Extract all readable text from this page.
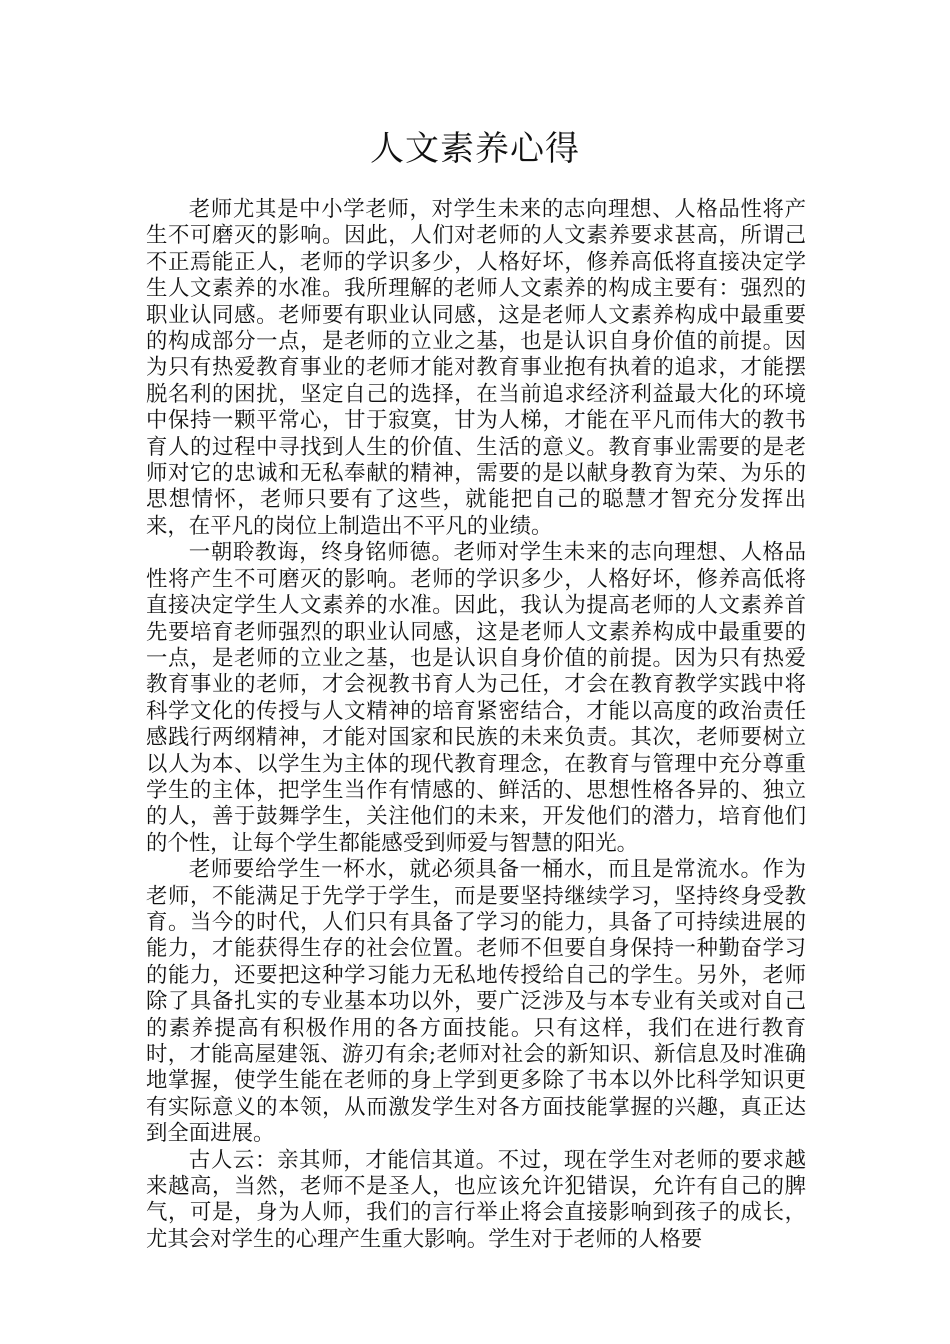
人文素养心得

老师尤其是中小学老师，对学生未来的志向理想、人格品性将产生不可磨灭的影响。因此，人们对老师的人文素养要求甚高，所谓己不正焉能正人，老师的学识多少，人格好坏，修养高低将直接决定学生人文素养的水准。我所理解的老师人文素养的构成主要有：强烈的职业认同感。老师要有职业认同感，这是老师人文素养构成中最重要的构成部分一点，是老师的立业之基，也是认识自身价值的前提。因为只有热爱教育事业的老师才能对教育事业抱有执着的追求，才能摆脱名利的困扰，坚定自己的选择，在当前追求经济利益最大化的环境中保持一颗平常心，甘于寂寞，甘为人梯，才能在平凡而伟大的教书育人的过程中寻找到人生的价值、生活的意义。教育事业需要的是老师对它的忠诚和无私奉献的精神，需要的是以献身教育为荣、为乐的思想情怀，老师只要有了这些，就能把自己的聪慧才智充分发挥出来，在平凡的岗位上制造出不平凡的业绩。

一朝聆教诲，终身铭师德。老师对学生未来的志向理想、人格品性将产生不可磨灭的影响。老师的学识多少，人格好坏，修养高低将直接决定学生人文素养的水准。因此，我认为提高老师的人文素养首先要培育老师强烈的职业认同感，这是老师人文素养构成中最重要的一点，是老师的立业之基，也是认识自身价值的前提。因为只有热爱教育事业的老师，才会视教书育人为己任，才会在教育教学实践中将科学文化的传授与人文精神的培育紧密结合，才能以高度的政治责任感践行两纲精神，才能对国家和民族的未来负责。其次，老师要树立以人为本、以学生为主体的现代教育理念，在教育与管理中充分尊重学生的主体，把学生当作有情感的、鲜活的、思想性格各异的、独立的人，善于鼓舞学生，关注他们的未来，开发他们的潜力，培育他们的个性，让每个学生都能感受到师爱与智慧的阳光。

老师要给学生一杯水，就必须具备一桶水，而且是常流水。作为老师，不能满足于先学于学生，而是要坚持继续学习，坚持终身受教育。当今的时代，人们只有具备了学习的能力，具备了可持续进展的能力，才能获得生存的社会位置。老师不但要自身保持一种勤奋学习的能力，还要把这种学习能力无私地传授给自己的学生。另外，老师除了具备扎实的专业基本功以外，要广泛涉及与本专业有关或对自己的素养提高有积极作用的各方面技能。只有这样，我们在进行教育时，才能高屋建瓴、游刃有余;老师对社会的新知识、新信息及时准确地掌握，使学生能在老师的身上学到更多除了书本以外比科学知识更有实际意义的本领，从而激发学生对各方面技能掌握的兴趣，真正达到全面进展。

古人云：亲其师，才能信其道。不过，现在学生对老师的要求越来越高，当然，老师不是圣人，也应该允许犯错误，允许有自己的脾气，可是，身为人师，我们的言行举止将会直接影响到孩子的成长，尤其会对学生的心理产生重大影响。学生对于老师的人格要
